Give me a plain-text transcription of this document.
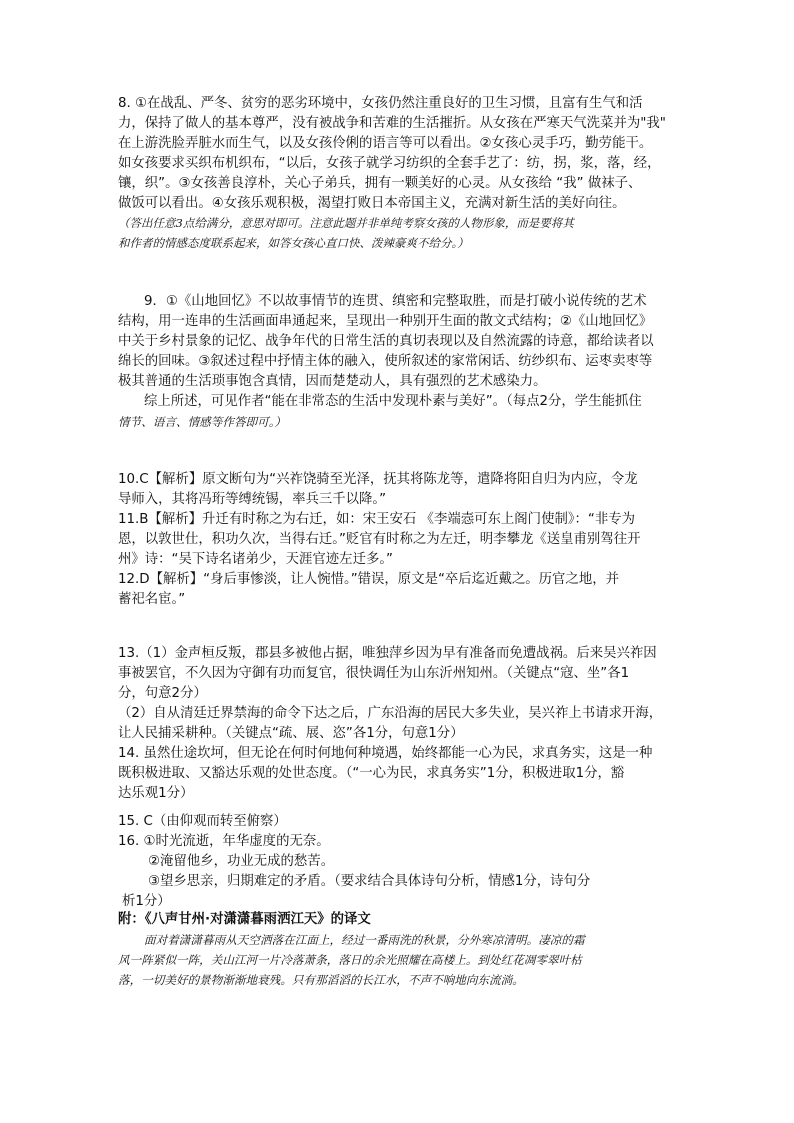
8. ①在战乱、严冬、贫穷的恶劣环境中，女孩仍然注重良好的卫生习惯，且富有生气和活
力，保持了做人的基本尊严，没有被战争和苦难的生活摧折。从女孩在严寒天气洗菜并为"我"
在上游洗脸弄脏水而生气，以及女孩伶俐的语言等可以看出。②女孩心灵手巧，勤劳能干。
如女孩要求买织布机织布，“以后，女孩子就学习纺织的全套手艺了：纺，拐，浆，落，经，
镶，织”。③女孩善良淳朴，关心子弟兵，拥有一颗美好的心灵。从女孩给 “我” 做袜子、
做饭可以看出。④女孩乐观积极，渴望打败日本帝国主义，充满对新生活的美好向往。
（答出任意3点给满分，意思对即可。注意此题并非单纯考察女孩的人物形象，而是要将其
和作者的情感态度联系起来，如答女孩心直口快、泼辣豪爽不给分。）
9．①《山地回忆》不以故事情节的连贯、缜密和完整取胜，而是打破小说传统的艺术
结构，用一连串的生活画面串通起来，呈现出一种别开生面的散文式结构；②《山地回忆》
中关于乡村景象的记忆、战争年代的日常生活的真切表现以及自然流露的诗意，都给读者以
绵长的回味。③叙述过程中抒情主体的融入，使所叙述的家常闲话、纺纱织布、运枣卖枣等
极其普通的生活琐事饱含真情，因而楚楚动人，具有强烈的艺术感染力。
综上所述，可见作者“能在非常态的生活中发现朴素与美好”。（每点2分，学生能抓住
情节、语言、情感等作答即可。）
10.C【解析】原文断句为“兴祚饶骑至光泽，抚其将陈龙等，遣降将阳自归为内应，令龙
导师入，其将冯珩等缚统锡，率兵三千以降。”
11.B【解析】升迁有时称之为右迁，如：宋王安石 《李端悫可东上阁门使制》：“非专为
恩，以敦世仕，积功久次，当得右迁。”贬官有时称之为左迁，明李攀龙《送皇甫别驾往开
州》诗：“吴下诗名诸弟少，天涯官迹左迁多。”
12.D【解析】“身后事惨淡，让人惋惜。”错误，原文是“卒后迄近戴之。历官之地，并
蓄祀名宦。”
13.（1）金声桓反叛，郡县多被他占据，唯独萍乡因为早有准备而免遭战祸。后来吴兴祚因
事被罢官，不久因为守御有功而复官，很快调任为山东沂州知州。（关键点“寇、坐”各1
分，句意2分）
（2）自从清廷迁界禁海的命令下达之后，广东沿海的居民大多失业，吴兴祚上书请求开海，
让人民捕采耕种。（关键点“疏、展、恣”各1分，句意1分）
14. 虽然仕途坎坷，但无论在何时何地何种境遇，始终都能一心为民，求真务实，这是一种
既积极进取、又豁达乐观的处世态度。（“一心为民，求真务实”1分，积极进取1分，豁
达乐观1分）
15. C（由仰观而转至俯察）
16. ①时光流逝，年华虚度的无奈。
②淹留他乡，功业无成的愁苦。
③望乡思亲，归期难定的矛盾。（要求结合具体诗句分析，情感1分，诗句分
析1分）
附：《八声甘州·对潇潇暮雨洒江天》的译文
面对着潇潇暮雨从天空洒落在江面上，经过一番雨洗的秋景，分外寒凉清明。凄凉的霜
风一阵紧似一阵，关山江河一片冷落萧条，落日的余光照耀在高楼上。到处红花凋零翠叶枯
落，一切美好的景物渐渐地衰残。只有那滔滔的长江水，不声不响地向东流淌。
